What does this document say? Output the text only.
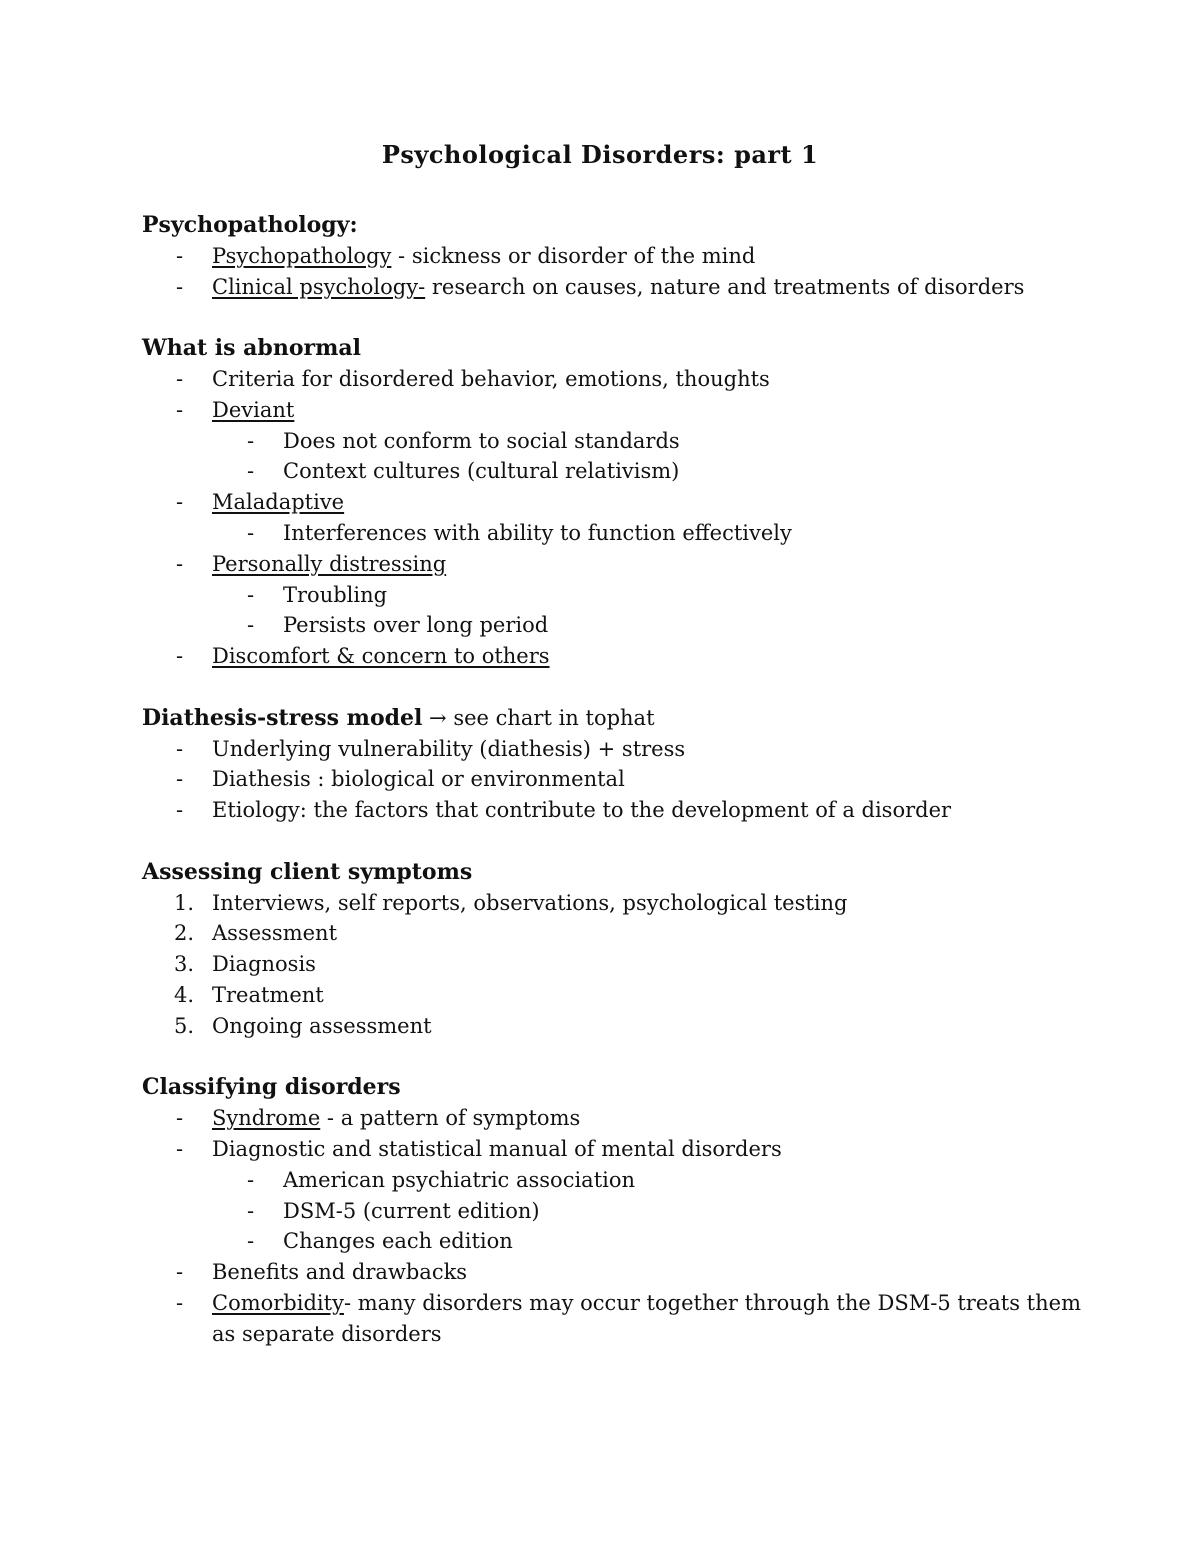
Psychological Disorders: part 1
Psychopathology:
- Psychopathology - sickness or disorder of the mind
- Clinical psychology- research on causes, nature and treatments of disorders
What is abnormal
- Criteria for disordered behavior, emotions, thoughts
- Deviant
- Does not conform to social standards
- Context cultures (cultural relativism)
- Maladaptive
- Interferences with ability to function effectively
- Personally distressing
- Troubling
- Persists over long period
- Discomfort & concern to others
Diathesis-stress model → see chart in tophat
- Underlying vulnerability (diathesis) + stress
- Diathesis : biological or environmental
- Etiology: the factors that contribute to the development of a disorder
Assessing client symptoms
1. Interviews, self reports, observations, psychological testing
2. Assessment
3. Diagnosis
4. Treatment
5. Ongoing assessment
Classifying disorders
- Syndrome - a pattern of symptoms
- Diagnostic and statistical manual of mental disorders
- American psychiatric association
- DSM-5 (current edition)
- Changes each edition
- Benefits and drawbacks
- Comorbidity- many disorders may occur together through the DSM-5 treats them as separate disorders
